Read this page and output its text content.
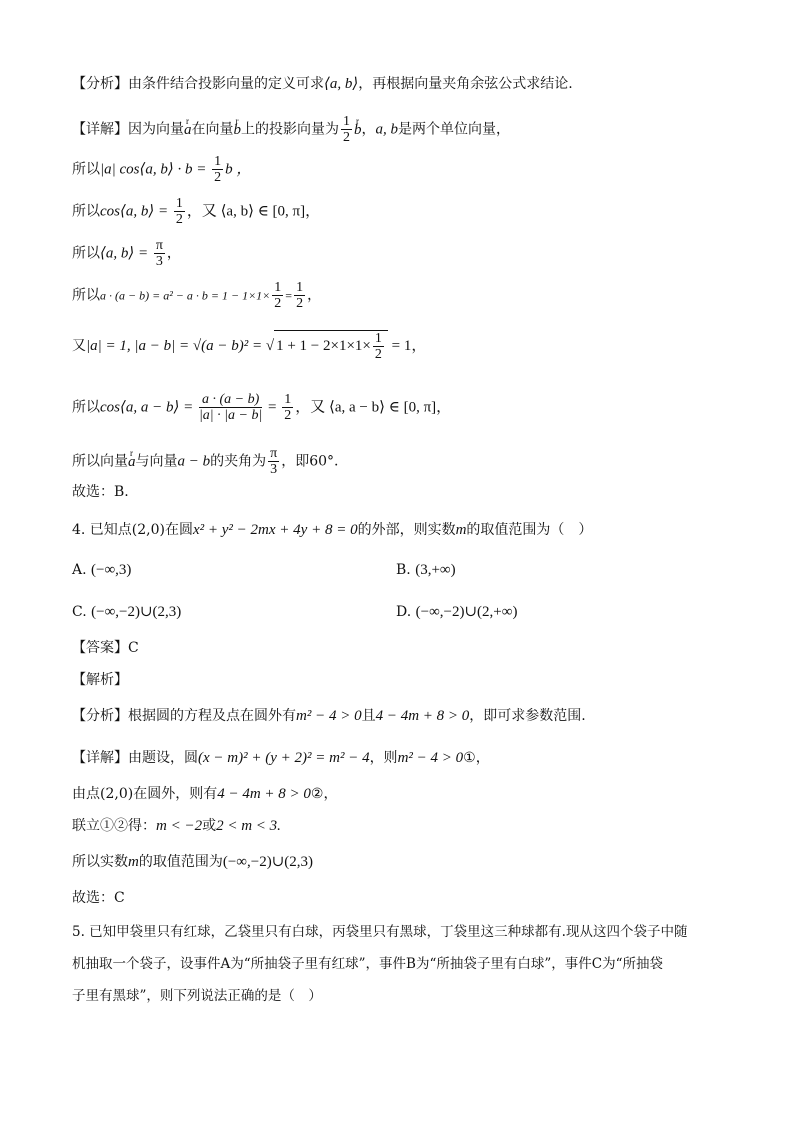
【分析】由条件结合投影向量的定义可求⟨a, b⟩，再根据向量夹角余弦公式求结论.
【详解】因为向量r a在向量r b上的投影向量为 $\frac{1}{2}$
r b，a, b是两个单位向量，
所以|a| cos⟨a, b⟩ · $b = \frac{1}{2}$ b ，
所以cos⟨a, b⟩ = $\frac{1}{2}$ ，又 ⟨a, b⟩ ∈ [0, π]，
所以⟨a, b⟩ = $\frac{\pi}{3}$ ，
所以$a \cdot (a - b) = a^2 - a \cdot b = 1 - 1\times 1\times \frac{1}{2} = \frac{1}{2}$ ，
又|a| = 1, |a − b| = √(a − b)² = √ $1 + 1 - 2\times 1\times 1\times \frac{1}{2} = 1$，
所以cos⟨a, a − b⟩ = $\frac{a \cdot (a - b)}{|a| \cdot |a - b|} = \frac{1}{2}$ ，又 ⟨a, a − b⟩ ∈ [0, π]，
所以向量r a与向量a − b的夹角为 $\frac{\pi}{3}$ ，即60°.
故选：B.
4. 已知点(2,0)在圆x² + y² − 2mx + 4y + 8 = 0的外部，则实数m的取值范围为（　）
A. (−∞,3)	B. (3,+∞)
C. (−∞,−2)∪(2,3)	D. (−∞,−2)∪(2,+∞)
【答案】C
【解析】
【分析】根据圆的方程及点在圆外有m² − 4 > 0且4 − 4m + 8 > 0，即可求参数范围.
【详解】由题设，圆(x − m)² + (y + 2)² = m² − 4，则m² − 4 > 0①，
由点(2,0)在圆外，则有4 − 4m + 8 > 0②，
联立①②得：m < −2或2 < m < 3.
所以实数m的取值范围为(−∞,−2)∪(2,3)
故选：C
5. 已知甲袋里只有红球，乙袋里只有白球，丙袋里只有黑球，丁袋里这三种球都有.现从这四个袋子中随
机抽取一个袋子，设事件A为“所抽袋子里有红球”，事件B为“所抽袋子里有白球”，事件C为“所抽袋
子里有黑球”，则下列说法正确的是（　）
